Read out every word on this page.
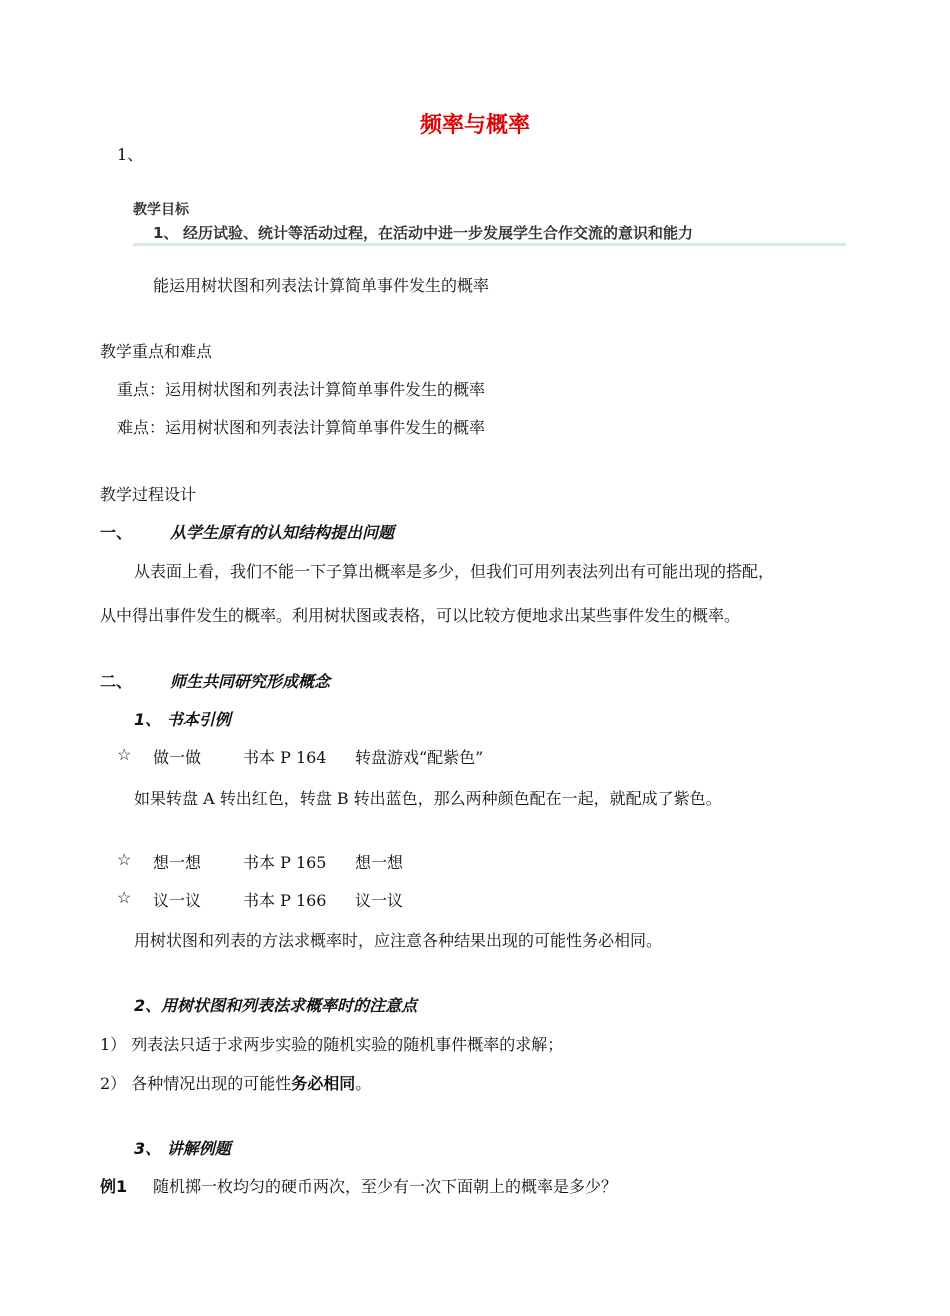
频率与概率
1、
教学目标
1、 经历试验、统计等活动过程，在活动中进一步发展学生合作交流的意识和能力
能运用树状图和列表法计算简单事件发生的概率
教学重点和难点
重点：运用树状图和列表法计算简单事件发生的概率
难点：运用树状图和列表法计算简单事件发生的概率
教学过程设计
一、 从学生原有的认知结构提出问题
从表面上看，我们不能一下子算出概率是多少，但我们可用列表法列出有可能出现的搭配，
从中得出事件发生的概率。利用树状图或表格，可以比较方便地求出某些事件发生的概率。
二、 师生共同研究形成概念
1、 书本引例
☆ 做一做	书本 P 164 转盘游戏“配紫色”
如果转盘 A 转出红色，转盘 B 转出蓝色，那么两种颜色配在一起，就配成了紫色。
☆ 想一想	书本 P 165 想一想
☆ 议一议	书本 P 166 议一议
用树状图和列表的方法求概率时，应注意各种结果出现的可能性务必相同。
2、用树状图和列表法求概率时的注意点
1） 列表法只适于求两步实验的随机实验的随机事件概率的求解；
2） 各种情况出现的可能性务必相同。
3、 讲解例题
例1 随机掷一枚均匀的硬币两次，至少有一次下面朝上的概率是多少？
